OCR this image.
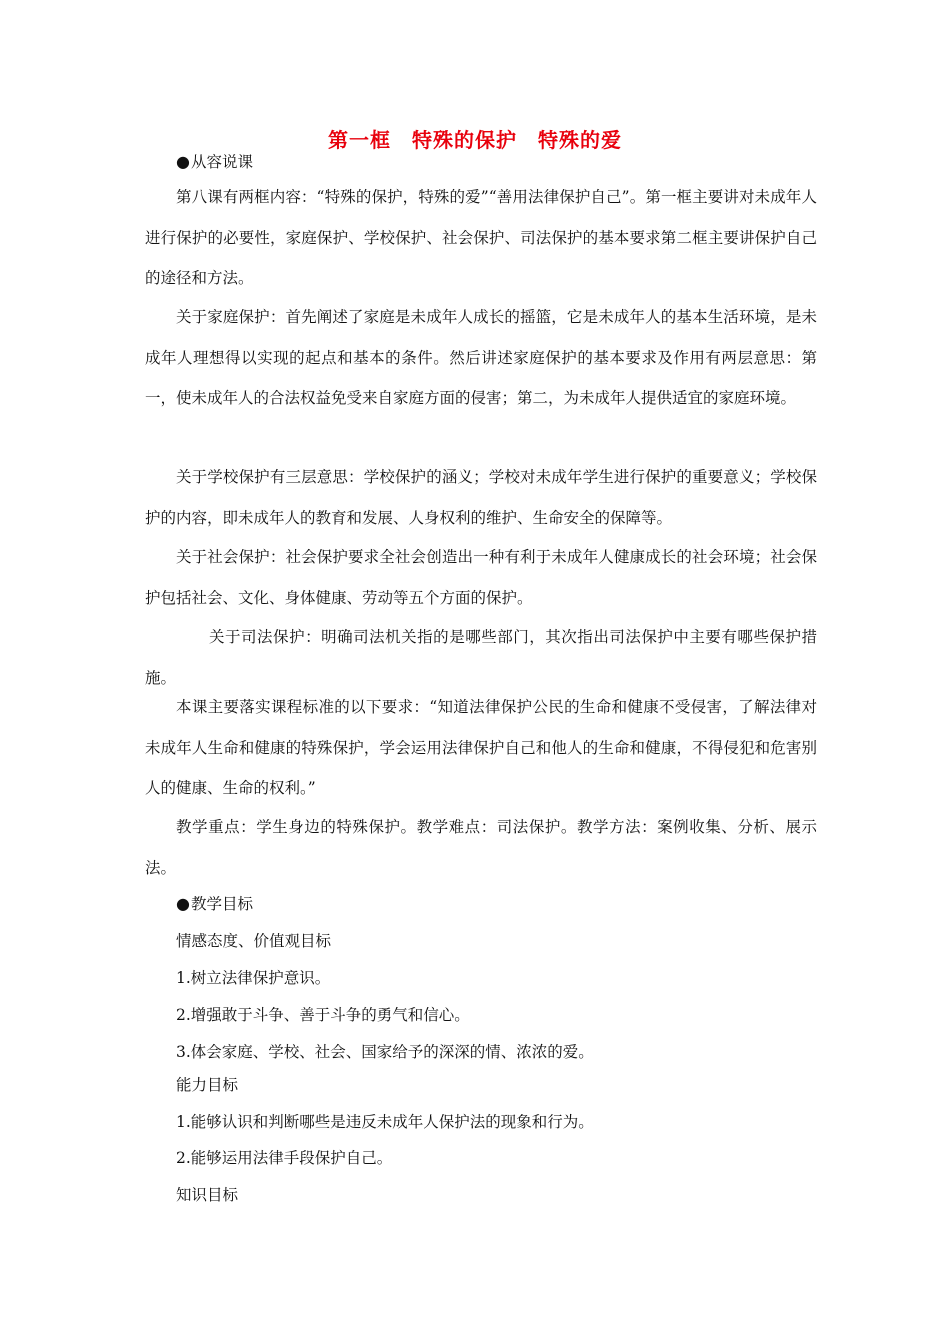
第一框　特殊的保护　特殊的爱
●从容说课
第八课有两框内容：“特殊的保护，特殊的爱”“善用法律保护自己”。第一框主要讲对未成年人进行保护的必要性，家庭保护、学校保护、社会保护、司法保护的基本要求第二框主要讲保护自己的途径和方法。
关于家庭保护：首先阐述了家庭是未成年人成长的摇篮，它是未成年人的基本生活环境，是未成年人理想得以实现的起点和基本的条件。然后讲述家庭保护的基本要求及作用有两层意思：第一，使未成年人的合法权益免受来自家庭方面的侵害；第二，为未成年人提供适宜的家庭环境。
关于学校保护有三层意思：学校保护的涵义；学校对未成年学生进行保护的重要意义；学校保护的内容，即未成年人的教育和发展、人身权利的维护、生命安全的保障等。
关于社会保护：社会保护要求全社会创造出一种有利于未成年人健康成长的社会环境；社会保护包括社会、文化、身体健康、劳动等五个方面的保护。
关于司法保护：明确司法机关指的是哪些部门，其次指出司法保护中主要有哪些保护措施。
本课主要落实课程标准的以下要求：“知道法律保护公民的生命和健康不受侵害，了解法律对未成年人生命和健康的特殊保护，学会运用法律保护自己和他人的生命和健康，不得侵犯和危害别人的健康、生命的权利。”
教学重点：学生身边的特殊保护。教学难点：司法保护。教学方法：案例收集、分析、展示法。
●教学目标
情感态度、价值观目标
1.树立法律保护意识。
2.增强敢于斗争、善于斗争的勇气和信心。
3.体会家庭、学校、社会、国家给予的深深的情、浓浓的爱。
能力目标
1.能够认识和判断哪些是违反未成年人保护法的现象和行为。
2.能够运用法律手段保护自己。
知识目标
